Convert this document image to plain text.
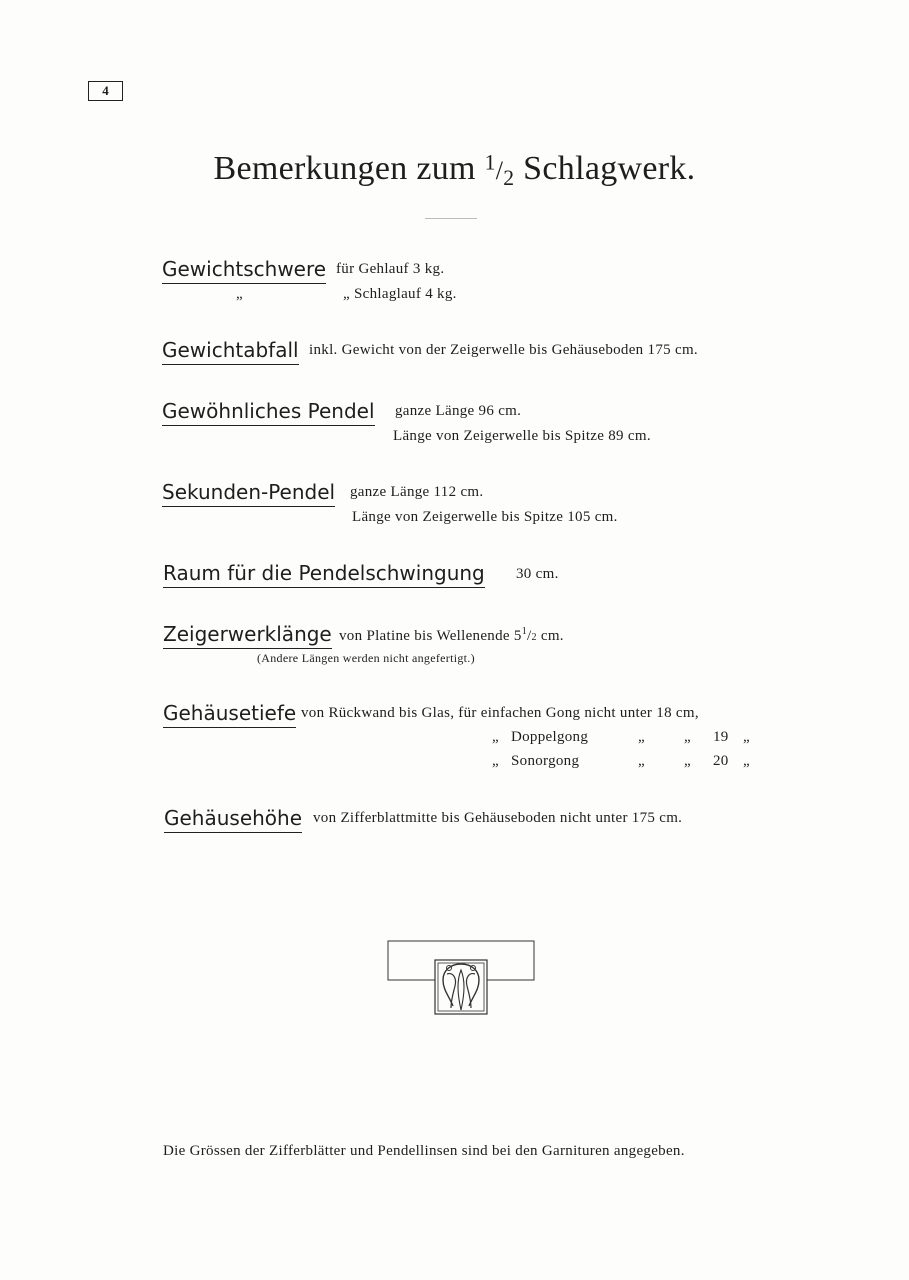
4
Bemerkungen zum $^1/_2$ Schlagwerk.
Gewichtschwere für Gehlauf 3 kg.
„	„ Schlaglauf 4 kg.
Gewichtabfall inkl. Gewicht von der Zeigerwelle bis Gehäuseboden 175 cm.
Gewöhnliches Pendel ganze Länge 96 cm.
Länge von Zeigerwelle bis Spitze 89 cm.
Sekunden-Pendel ganze Länge 112 cm.
Länge von Zeigerwelle bis Spitze 105 cm.
Raum für die Pendelschwingung 30 cm.
Zeigerwerklänge von Platine bis Wellenende $5^1/2$ cm.
(Andere Längen werden nicht angefertigt.)
Gehäusetiefe von Rückwand bis Glas, für einfachen Gong nicht unter 18 cm,
„ Doppelgong	„	„ 19 „
„ Sonorgong	„	„ 20 „
Gehäusehöhe von Zifferblattmitte bis Gehäuseboden nicht unter 175 cm.
Die Grössen der Zifferblätter und Pendellinsen sind bei den Garnituren angegeben.
